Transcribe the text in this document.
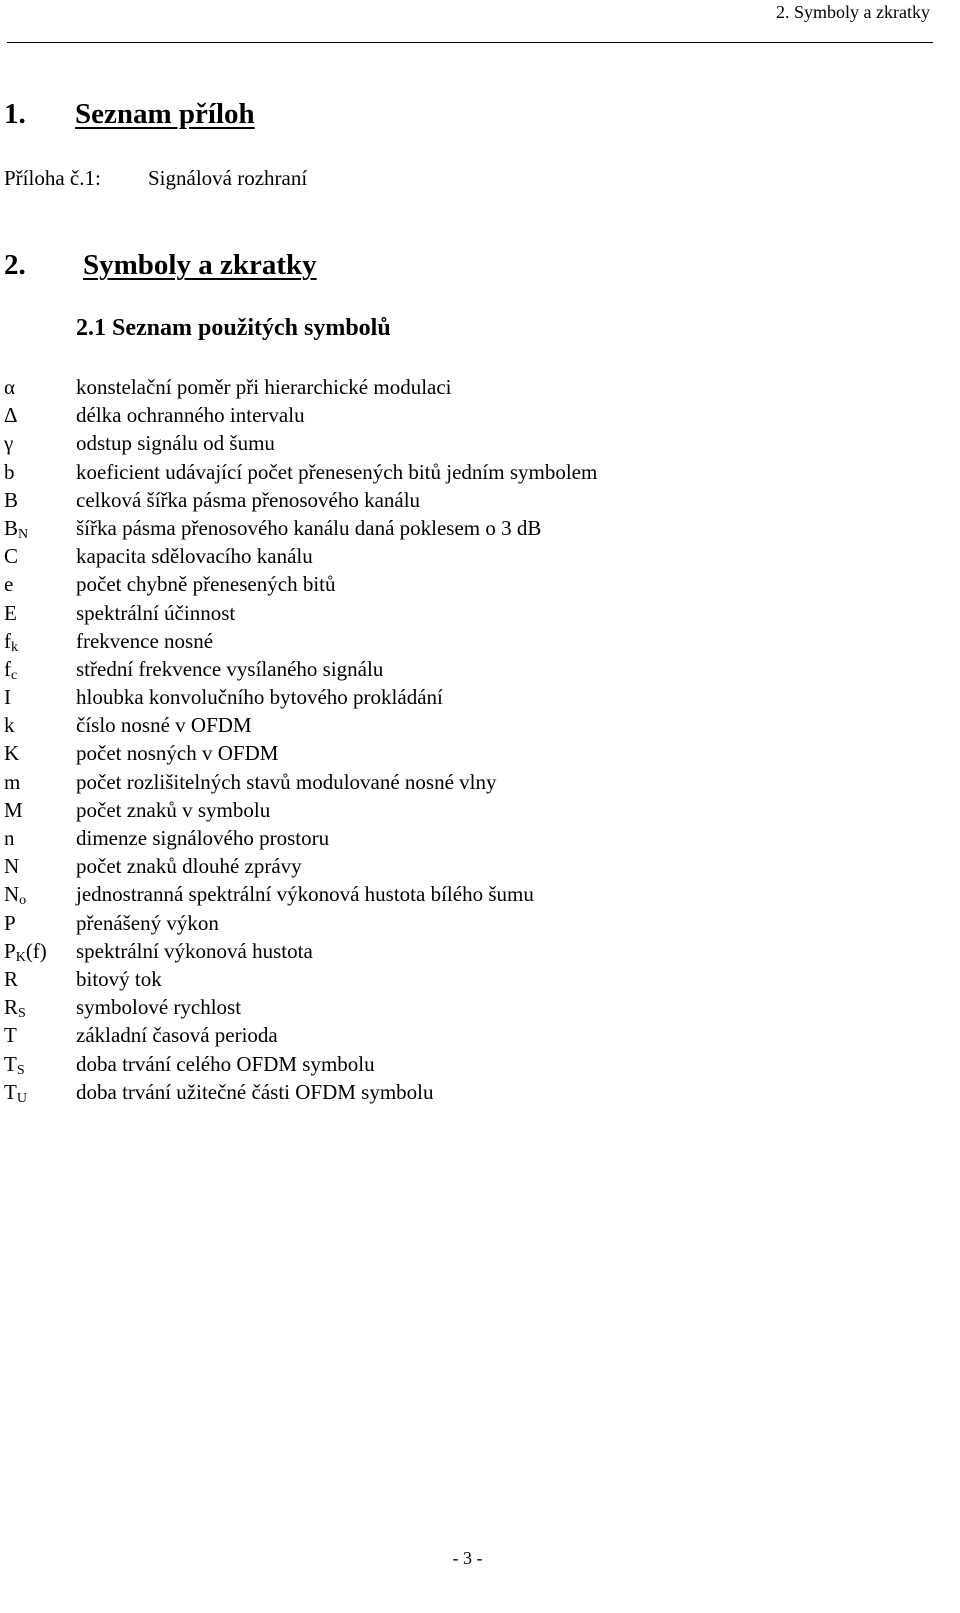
2. Symboly a zkratky
1. Seznam příloh
Příloha č.1: Signálová rozhraní
2. Symboly a zkratky
2.1 Seznam použitých symbolů
α	konstelační poměr při hierarchické modulaci
Δ	délka ochranného intervalu
γ	odstup signálu od šumu
b	koeficient udávající počet přenesených bitů jedním symbolem
B	celková šířka pásma přenosového kanálu
$B_N$	šířka pásma přenosového kanálu daná poklesem o 3 dB
C	kapacita sdělovacího kanálu
e	počet chybně přenesených bitů
E	spektrální účinnost
$f_k$	frekvence nosné
$f_c$	střední frekvence vysílaného signálu
I	hloubka konvolučního bytového prokládání
k	číslo nosné v OFDM
K	počet nosných v OFDM
m	počet rozlišitelných stavů modulované nosné vlny
M	počet znaků v symbolu
n	dimenze signálového prostoru
N	počet znaků dlouhé zprávy
$N_o$	jednostranná spektrální výkonová hustota bílého šumu
P	přenášený výkon
$P_K(f)$	spektrální výkonová hustota
R	bitový tok
$R_S$	symbolové rychlost
T	základní časová perioda
$T_S$	doba trvání celého OFDM symbolu
$T_U$	doba trvání užitečné části OFDM symbolu
- 3 -
